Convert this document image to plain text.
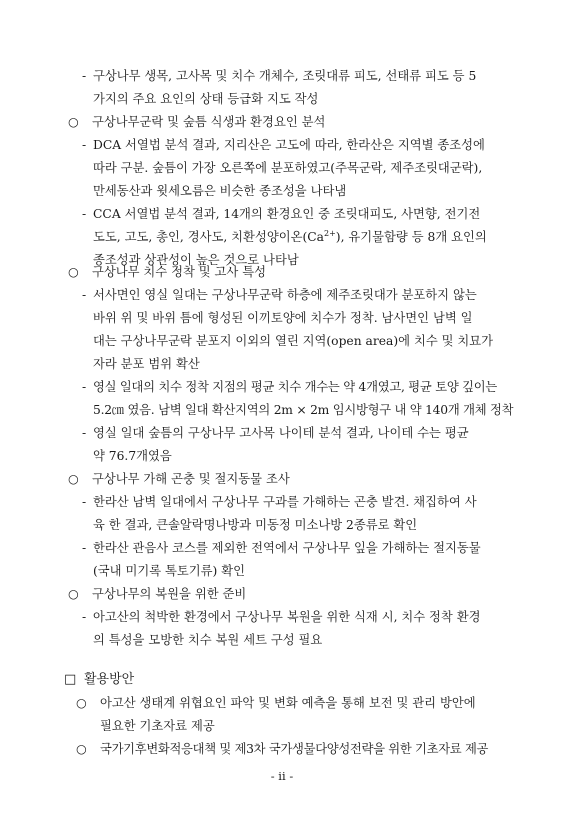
- 구상나무 생목, 고사목 및 치수 개체수, 조릿대류 피도, 선태류 피도 등 5
가지의 주요 요인의 상태 등급화 지도 작성
○ 구상나무군락 및 숲틈 식생과 환경요인 분석
- DCA 서열법 분석 결과, 지리산은 고도에 따라, 한라산은 지역별 종조성에
따라 구분. 숲틈이 가장 오른쪽에 분포하였고(주목군락, 제주조릿대군락),
만세동산과 윗세오름은 비슷한 종조성을 나타냄
- CCA 서열법 분석 결과, 14개의 환경요인 중 조릿대피도, 사면향, 전기전
도도, 고도, 총인, 경사도, 치환성양이온$(Ca^{2+})$, 유기물함량 등 8개 요인의
종조성과 상관성이 높은 것으로 나타남
○ 구상나무 치수 정착 및 고사 특성
- 서사면인 영실 일대는 구상나무군락 하층에 제주조릿대가 분포하지 않는
바위 위 및 바위 틈에 형성된 이끼토양에 치수가 정착. 남사면인 남벽 일
대는 구상나무군락 분포지 이외의 열린 지역(open area)에 치수 및 치묘가
자라 분포 범위 확산
- 영실 일대의 치수 정착 지점의 평균 치수 개수는 약 4개였고, 평균 토양 깊이는
5.2㎝ 였음. 남벽 일대 확산지역의 2m × 2m 임시방형구 내 약 140개 개체 정착
- 영실 일대 숲틈의 구상나무 고사목 나이테 분석 결과, 나이테 수는 평균
약 76.7개였음
○ 구상나무 가해 곤충 및 절지동물 조사
- 한라산 남벽 일대에서 구상나무 구과를 가해하는 곤충 발견. 채집하여 사
육 한 결과, 큰솔알락명나방과 미동정 미소나방 2종류로 확인
- 한라산 관음사 코스를 제외한 전역에서 구상나무 잎을 가해하는 절지동물
(국내 미기록 톡토기류) 확인
○ 구상나무의 복원을 위한 준비
- 아고산의 척박한 환경에서 구상나무 복원을 위한 식재 시, 치수 정착 환경
의 특성을 모방한 치수 복원 세트 구성 필요
□ 활용방안
○ 아고산 생태계 위협요인 파악 및 변화 예측을 통해 보전 및 관리 방안에
필요한 기초자료 제공
○ 국가기후변화적응대책 및 제3차 국가생물다양성전략을 위한 기초자료 제공
- ii -
